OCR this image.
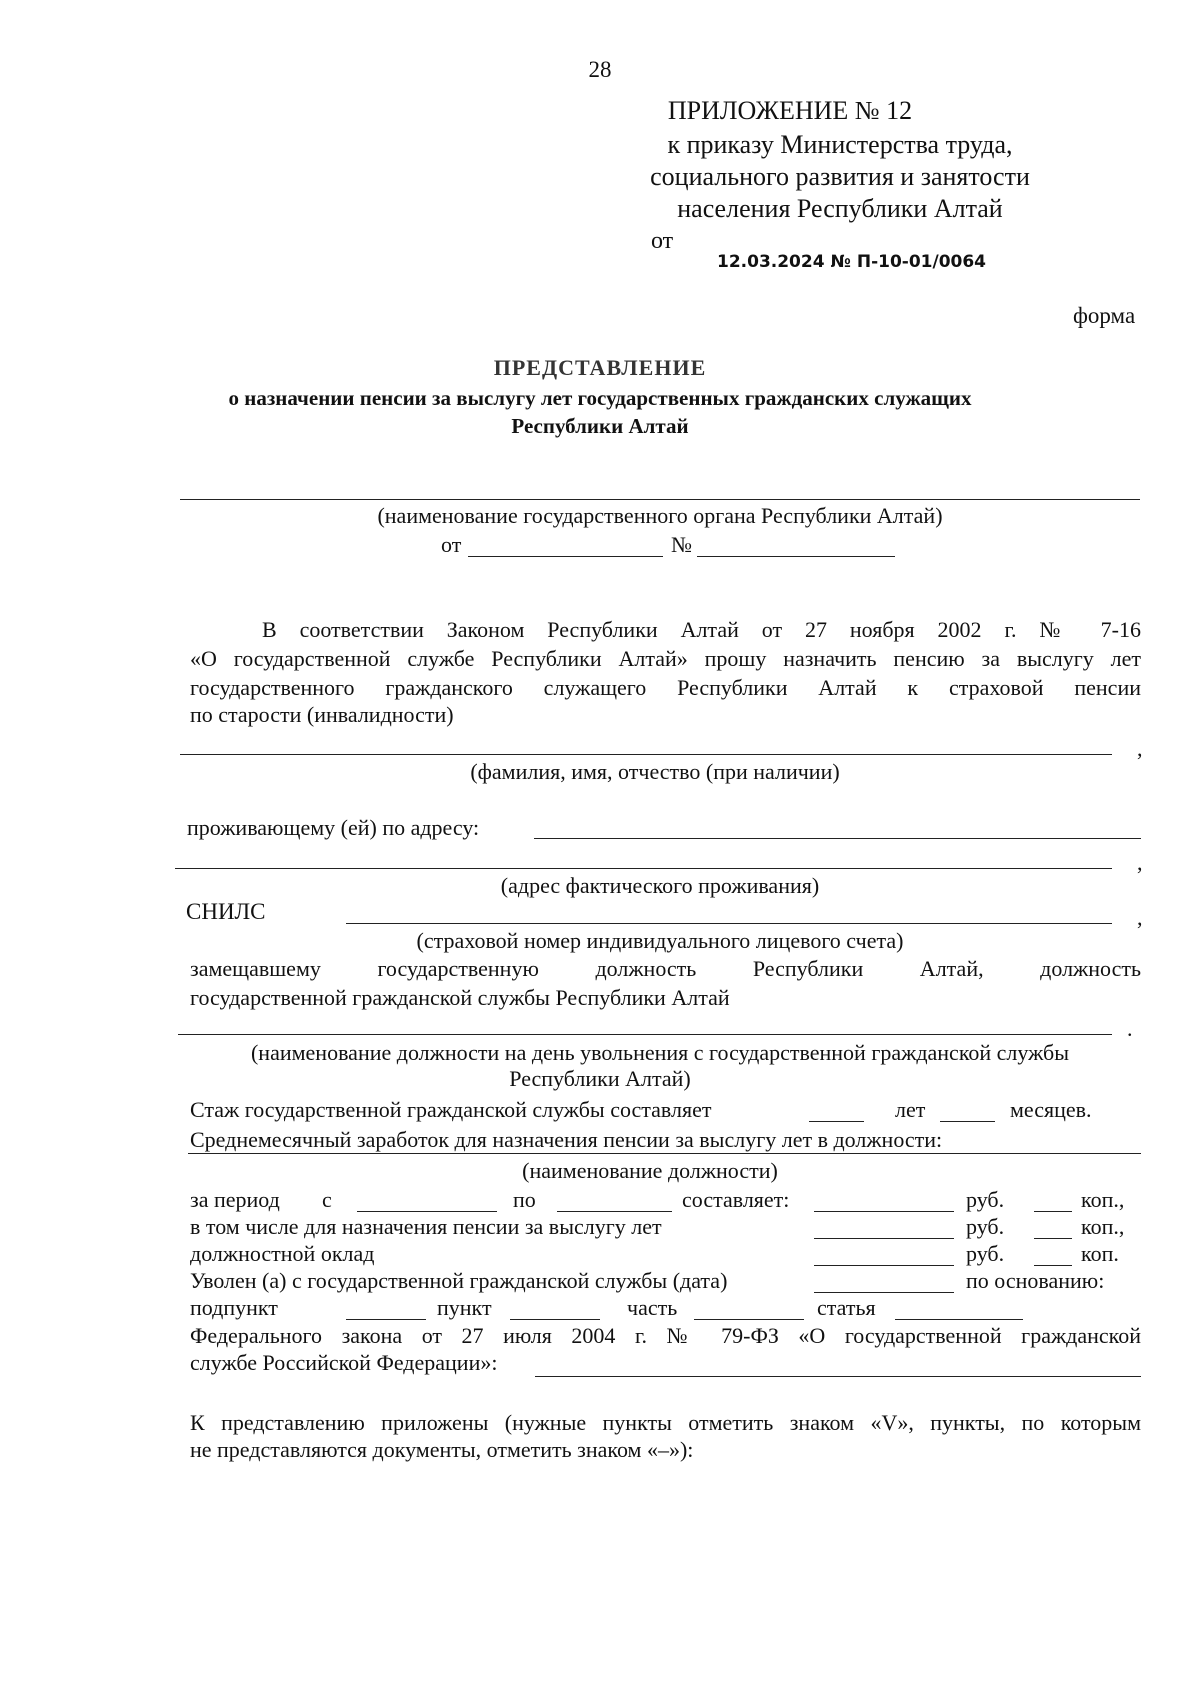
28
ПРИЛОЖЕНИЕ № 12
к приказу Министерства труда,
социального развития и занятости
населения Республики Алтай
от
12.03.2024 № П-10-01/0064
форма
ПРЕДСТАВЛЕНИЕ
о назначении пенсии за выслугу лет государственных гражданских служащих
Республики Алтай
(наименование государственного органа Республики Алтай)
от	№
В соответствии Законом Республики Алтай от 27 ноября 2002 г. № 7-16
«О государственной службе Республики Алтай» прошу назначить пенсию за выслугу лет
государственного гражданского служащего Республики Алтай к страховой пенсии
по старости (инвалидности)
,
(фамилия, имя, отчество (при наличии)
проживающему (ей) по адресу:
,
(адрес фактического проживания)
СНИЛС	,
(страховой номер индивидуального лицевого счета)
замещавшему государственную должность Республики Алтай, должность
государственной гражданской службы Республики Алтай
.
(наименование должности на день увольнения с государственной гражданской службы
Республики Алтай)
Стаж государственной гражданской службы составляет	лет	месяцев.
Среднемесячный заработок для назначения пенсии за выслугу лет в должности:
(наименование должности)
за период с	по	составляет:	руб.	коп.,
в том числе для назначения пенсии за выслугу лет	руб.	коп.,
должностной оклад	руб.	коп.
Уволен (а) с государственной гражданской службы (дата)	по основанию:
подпункт	пункт	часть	статья
Федерального закона от 27 июля 2004 г. № 79-ФЗ «О государственной гражданской
службе Российской Федерации»:
К представлению приложены (нужные пункты отметить знаком «V», пункты, по которым
не представляются документы, отметить знаком «–»):
